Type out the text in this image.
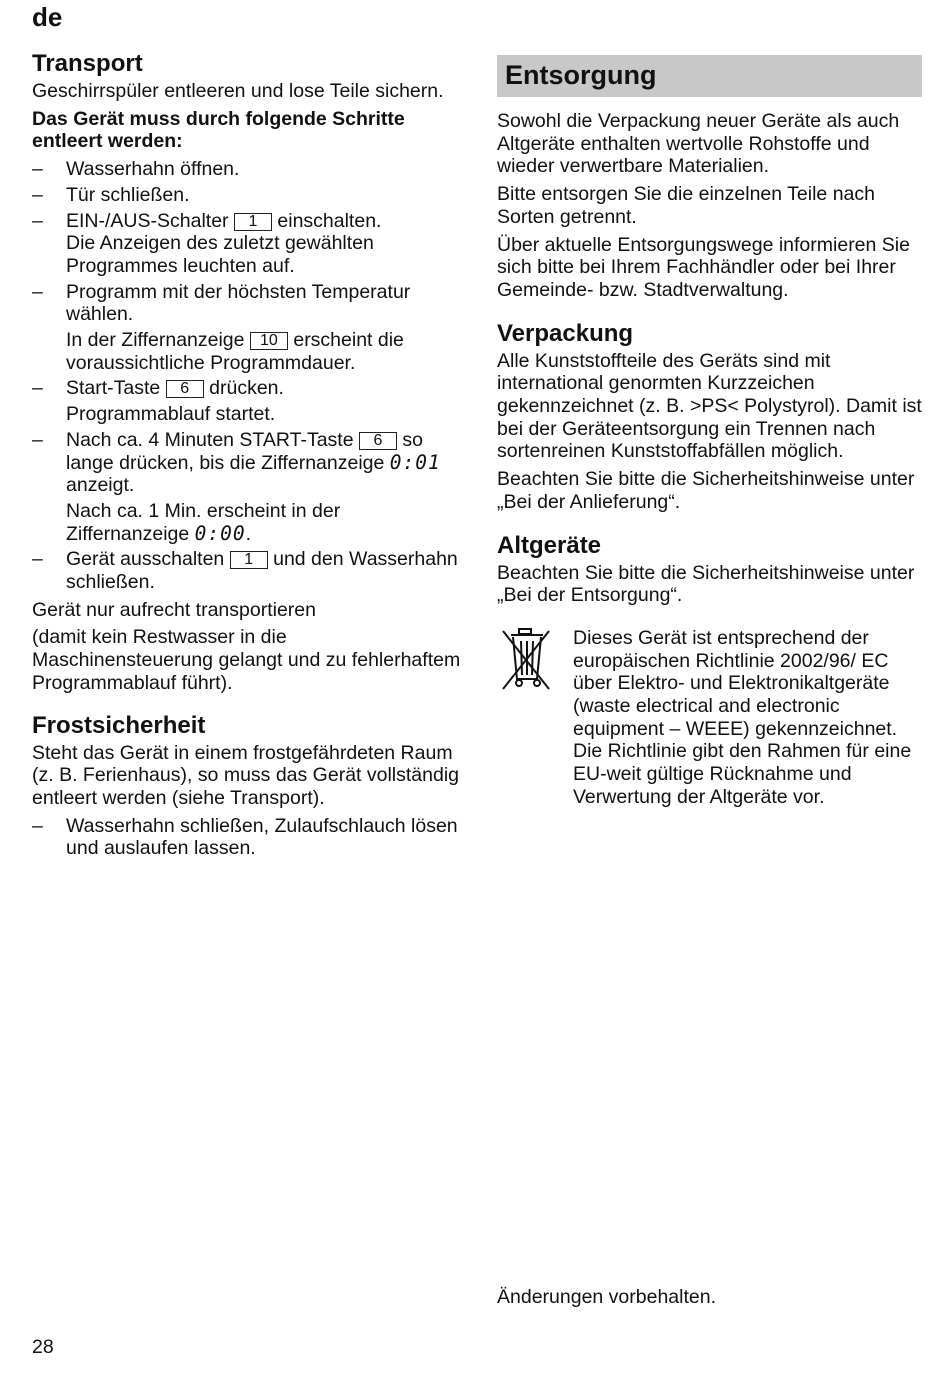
de
Transport

Geschirrspüler entleeren und lose Teile sichern.

Das Gerät muss durch folgende Schritte entleert werden:

– Wasserhahn öffnen.
– Tür schließen.
– EIN-/AUS-Schalter 1 einschalten.
Die Anzeigen des zuletzt gewählten Programmes leuchten auf.
– Programm mit der höchsten Temperatur wählen.
In der Ziffernanzeige 10 erscheint die voraussichtliche Programmdauer.
– Start-Taste 6 drücken.
Programmablauf startet.
– Nach ca. 4 Minuten START-Taste 6 so lange drücken, bis die Ziffernanzeige 0:01 anzeigt.
Nach ca. 1 Min. erscheint in der Ziffernanzeige 0:00.
– Gerät ausschalten 1 und den Wasserhahn schließen.

Gerät nur aufrecht transportieren

(damit kein Restwasser in die Maschinensteuerung gelangt und zu fehlerhaftem Programmablauf führt).

Frostsicherheit

Steht das Gerät in einem frostgefährdeten Raum (z. B. Ferienhaus), so muss das Gerät vollständig entleert werden (siehe Transport).

– Wasserhahn schließen, Zulaufschlauch lösen und auslaufen lassen.
Entsorgung

Sowohl die Verpackung neuer Geräte als auch Altgeräte enthalten wertvolle Rohstoffe und wieder verwertbare Materialien.

Bitte entsorgen Sie die einzelnen Teile nach Sorten getrennt.

Über aktuelle Entsorgungswege informieren Sie sich bitte bei Ihrem Fachhändler oder bei Ihrer Gemeinde- bzw. Stadtverwaltung.

Verpackung

Alle Kunststoffteile des Geräts sind mit international genormten Kurzzeichen gekennzeichnet (z. B. >PS< Polystyrol). Damit ist bei der Geräteentsorgung ein Trennen nach sortenreinen Kunststoffabfällen möglich.

Beachten Sie bitte die Sicherheitshinweise unter „Bei der Anlieferung“.

Altgeräte

Beachten Sie bitte die Sicherheitshinweise unter „Bei der Entsorgung“.

Dieses Gerät ist entsprechend der europäischen Richtlinie 2002/96/ EC über Elektro- und Elektronikaltgeräte (waste electrical and electronic equipment – WEEE) gekennzeichnet. Die Richtlinie gibt den Rahmen für eine EU-weit gültige Rücknahme und Verwertung der Altgeräte vor.
Änderungen vorbehalten.
28
